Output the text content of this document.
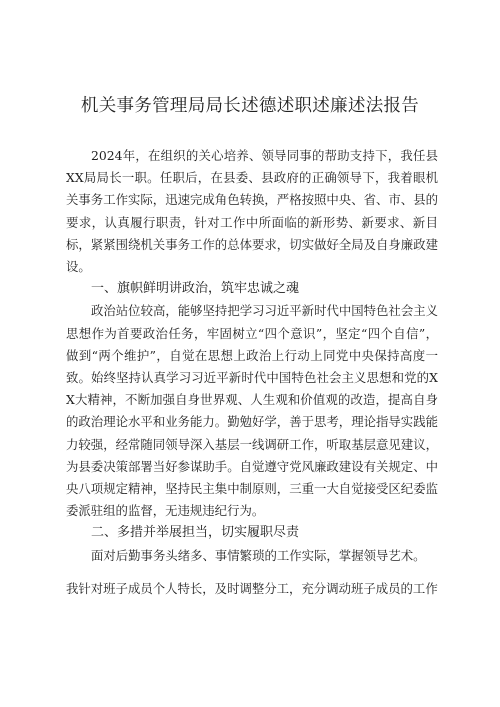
机关事务管理局局长述德述职述廉述法报告

2024年，在组织的关心培养、领导同事的帮助支持下，我任县XX局局长一职。任职后，在县委、县政府的正确领导下，我着眼机关事务工作实际，迅速完成角色转换，严格按照中央、省、市、县的要求，认真履行职责，针对工作中所面临的新形势、新要求、新目标，紧紧围绕机关事务工作的总体要求，切实做好全局及自身廉政建设。

一、旗帜鲜明讲政治，筑牢忠诚之魂

政治站位较高，能够坚持把学习习近平新时代中国特色社会主义思想作为首要政治任务，牢固树立“四个意识”，坚定“四个自信”，做到“两个维护”，自觉在思想上政治上行动上同党中央保持高度一致。始终坚持认真学习习近平新时代中国特色社会主义思想和党的XX大精神，不断加强自身世界观、人生观和价值观的改造，提高自身的政治理论水平和业务能力。勤勉好学，善于思考，理论指导实践能力较强，经常随同领导深入基层一线调研工作，听取基层意见建议，为县委决策部署当好参谋助手。自觉遵守党风廉政建设有关规定、中央八项规定精神，坚持民主集中制原则，三重一大自觉接受区纪委监委派驻组的监督，无违规违纪行为。

二、多措并举展担当，切实履职尽责

面对后勤事务头绪多、事情繁琐的工作实际，掌握领导艺术。

我针对班子成员个人特长，及时调整分工，充分调动班子成员的工作
